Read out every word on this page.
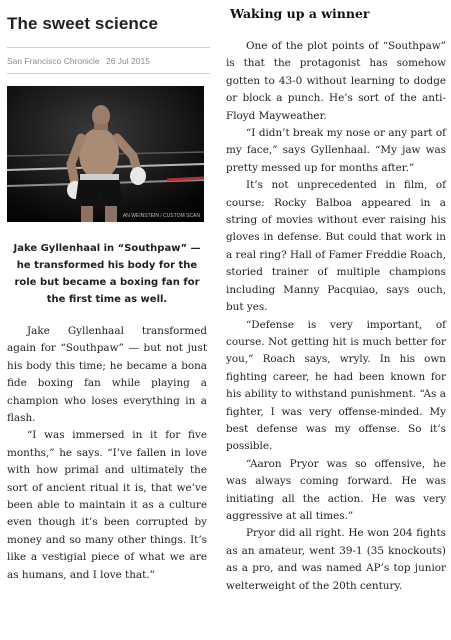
The sweet science
San Francisco Chronicle 26 Jul 2015
AN WEINSTEIN / CUSTOM SCAN

Jake Gyllenhaal in “Southpaw” — he transformed his body for the role but became a boxing fan for the first time as well.

Jake Gyllenhaal transformed again for “Southpaw” — but not just his body this time; he became a bona fide boxing fan while playing a champion who loses everything in a flash.

“I was immersed in it for five months,” he says. “I’ve fallen in love with how primal and ultimately the sort of ancient ritual it is, that we’ve been able to maintain it as a culture even though it’s been corrupted by money and so many other things. It’s like a vestigial piece of what we are as humans, and I love that.”

Waking up a winner

One of the plot points of “Southpaw” is that the protagonist has somehow gotten to 43-0 without learning to dodge or block a punch. He’s sort of the anti-Floyd Mayweather.

“I didn’t break my nose or any part of my face,” says Gyllenhaal. “My jaw was pretty messed up for months after.”

It’s not unprecedented in film, of course: Rocky Balboa appeared in a string of movies without ever raising his gloves in defense. But could that work in a real ring? Hall of Famer Freddie Roach, storied trainer of multiple champions including Manny Pacquiao, says ouch, but yes.

“Defense is very important, of course. Not getting hit is much better for you,” Roach says, wryly. In his own fighting career, he had been known for his ability to withstand punishment. “As a fighter, I was very offense-minded. My best defense was my offense. So it’s possible.

“Aaron Pryor was so offensive, he was always coming forward. He was initiating all the action. He was very aggressive at all times.”

Pryor did all right. He won 204 fights as an amateur, went 39-1 (35 knockouts) as a pro, and was named AP’s top junior welterweight of the 20th century.
